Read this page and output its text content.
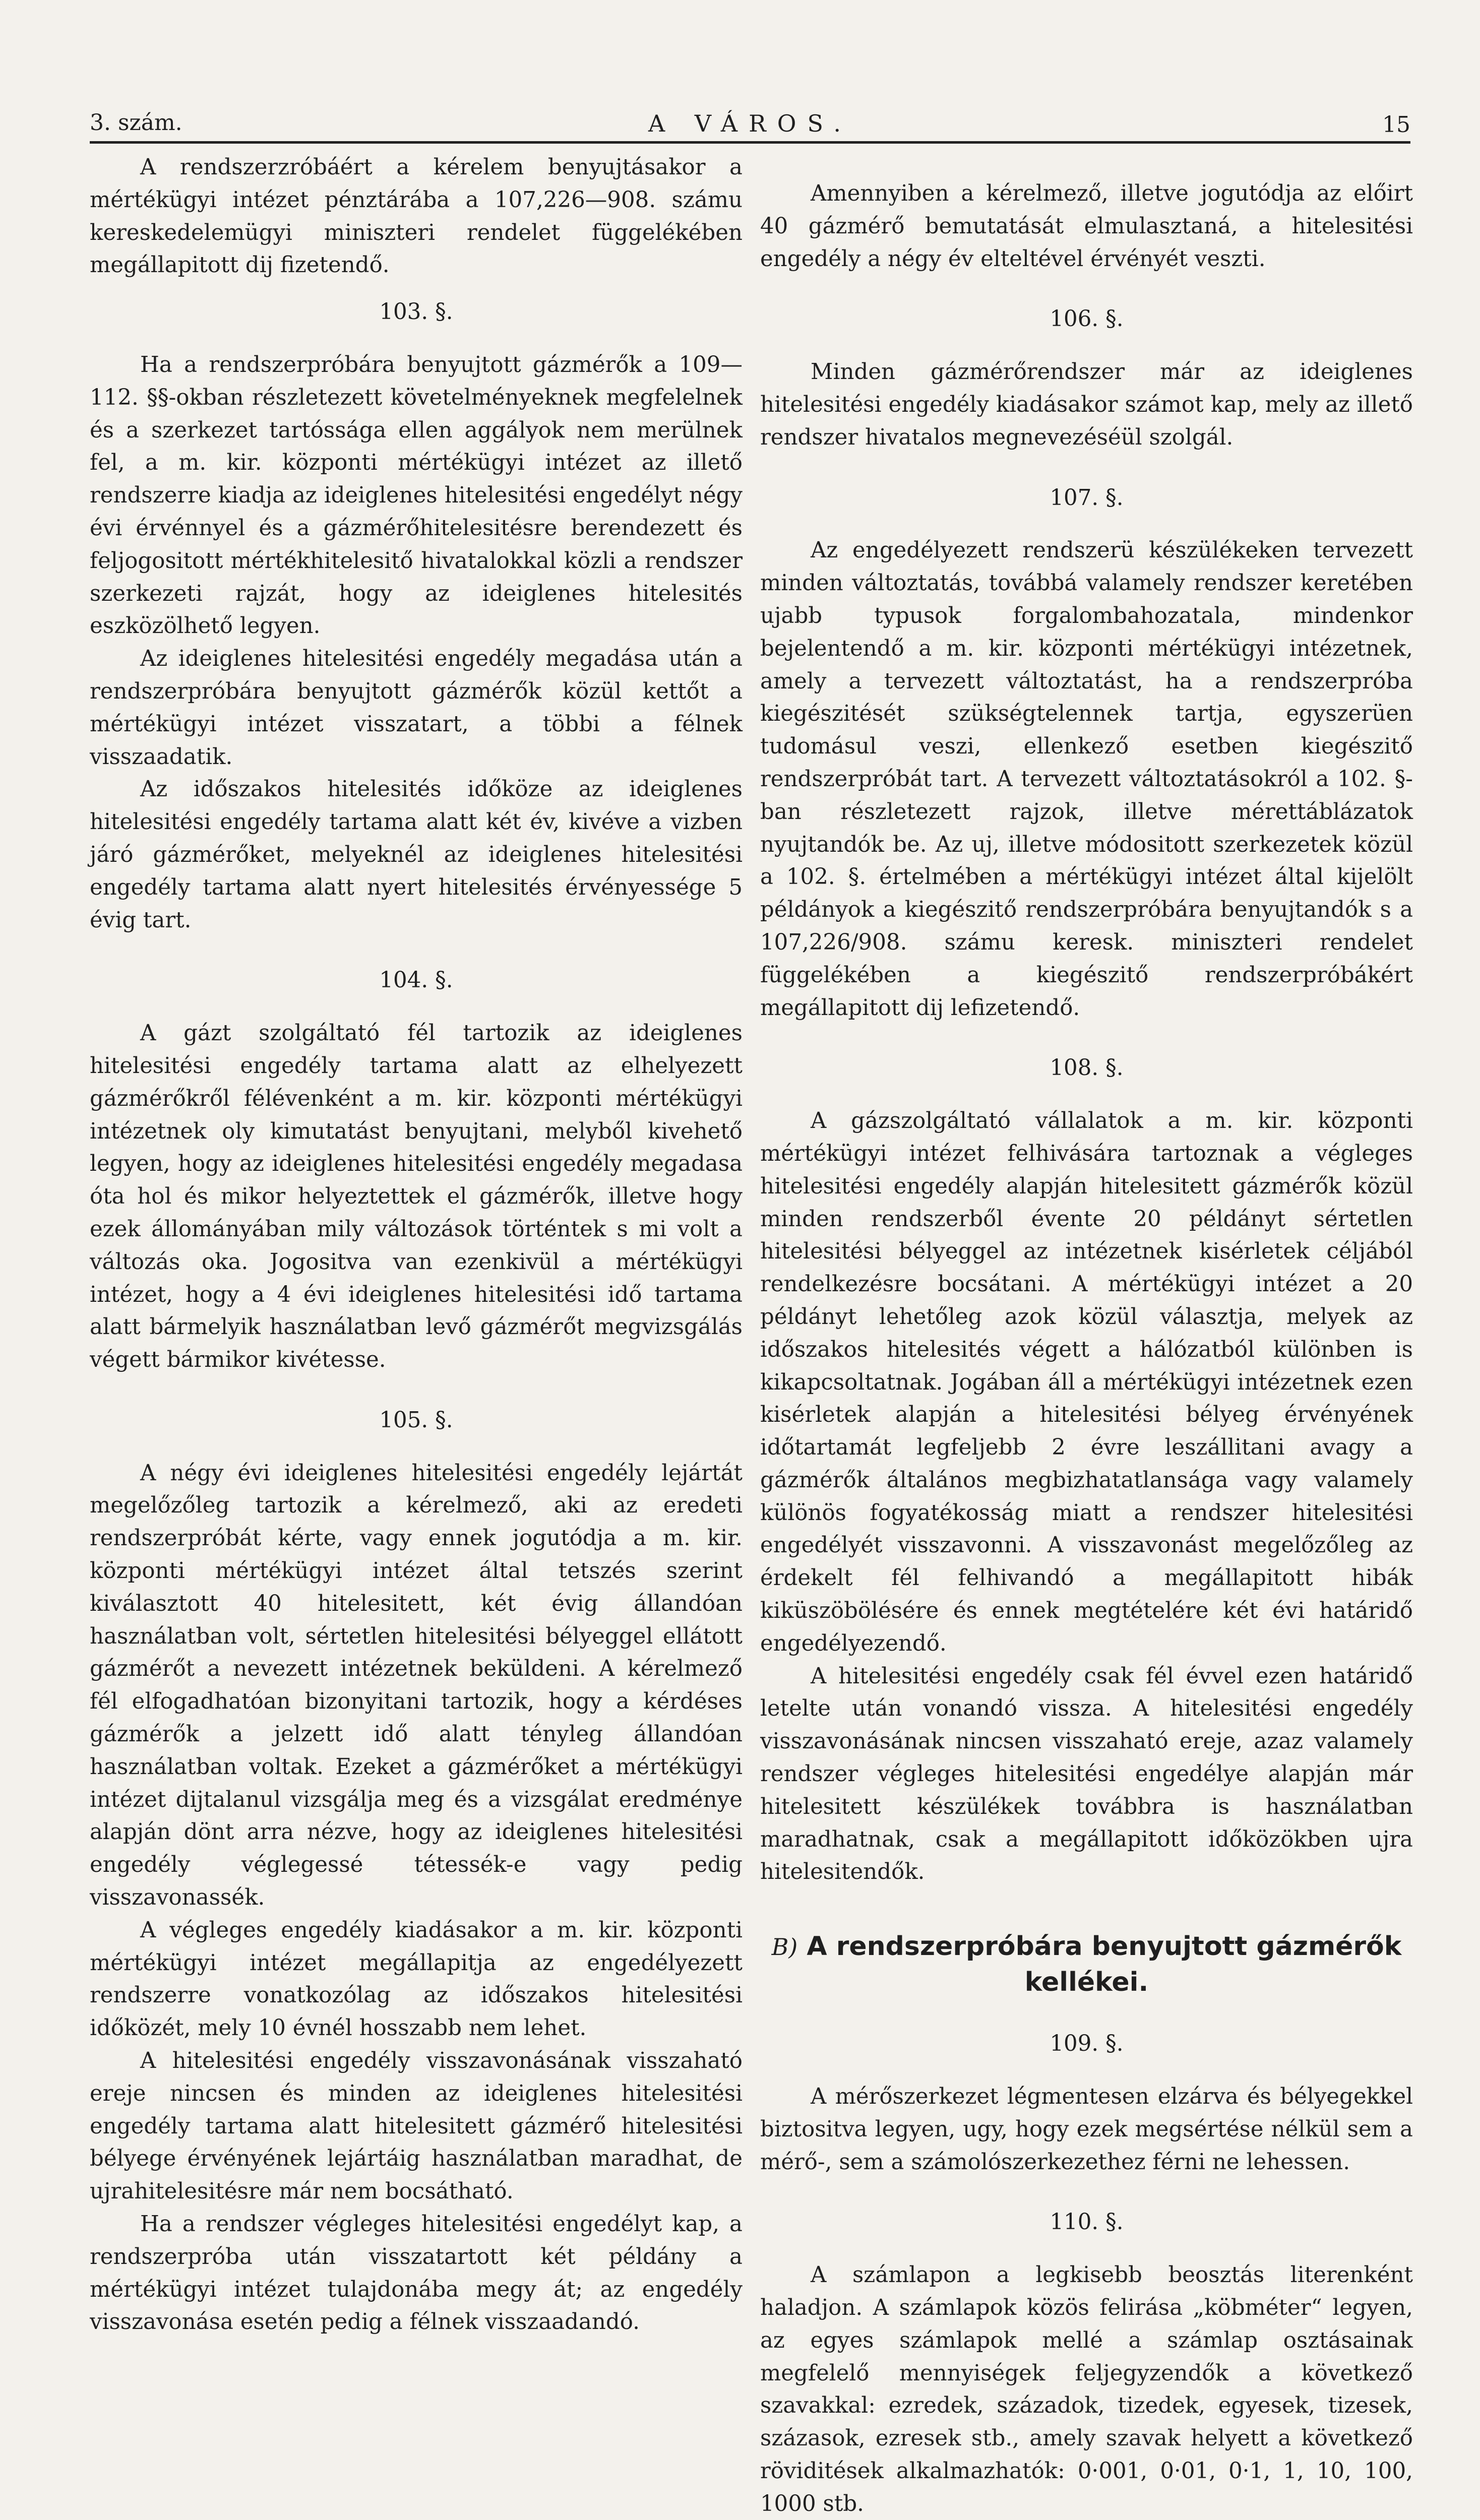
3. szám.	A VÁROS.	15

A rendszerzróbáért a kérelem benyujtásakor a mértékügyi intézet pénztárába a 107,226—908. számu kereskedelemügyi miniszteri rendelet függelékében megállapitott dij fizetendő.

103. §.

Ha a rendszerpróbára benyujtott gázmérők a 109—112. §§-okban részletezett követelményeknek megfelelnek és a szerkezet tartóssága ellen aggályok nem merülnek fel, a m. kir. központi mértékügyi intézet az illető rendszerre kiadja az ideiglenes hitelesitési engedélyt négy évi érvénnyel és a gázmérőhitelesitésre berendezett és feljogositott mértékhitelesitő hivatalokkal közli a rendszer szerkezeti rajzát, hogy az ideiglenes hitelesités eszközölhető legyen.

Az ideiglenes hitelesitési engedély megadása után a rendszerpróbára benyujtott gázmérők közül kettőt a mértékügyi intézet visszatart, a többi a félnek visszaadatik.

Az időszakos hitelesités időköze az ideiglenes hitelesitési engedély tartama alatt két év, kivéve a vizben járó gázmérőket, melyeknél az ideiglenes hitelesitési engedély tartama alatt nyert hitelesités érvényessége 5 évig tart.

104. §.

A gázt szolgáltató fél tartozik az ideiglenes hitelesitési engedély tartama alatt az elhelyezett gázmérőkről félévenként a m. kir. központi mértékügyi intézetnek oly kimutatást benyujtani, melyből kivehető legyen, hogy az ideiglenes hitelesitési engedély megadasa óta hol és mikor helyeztettek el gázmérők, illetve hogy ezek állományában mily változások történtek s mi volt a változás oka. Jogositva van ezenkivül a mértékügyi intézet, hogy a 4 évi ideiglenes hitelesitési idő tartama alatt bármelyik használatban levő gázmérőt megvizsgálás végett bármikor kivétesse.

105. §.

A négy évi ideiglenes hitelesitési engedély lejártát megelőzőleg tartozik a kérelmező, aki az eredeti rendszerpróbát kérte, vagy ennek jogutódja a m. kir. központi mértékügyi intézet által tetszés szerint kiválasztott 40 hitelesitett, két évig állandóan használatban volt, sértetlen hitelesitési bélyeggel ellátott gázmérőt a nevezett intézetnek beküldeni. A kérelmező fél elfogadhatóan bizonyitani tartozik, hogy a kérdéses gázmérők a jelzett idő alatt tényleg állandóan használatban voltak. Ezeket a gázmérőket a mértékügyi intézet dijtalanul vizsgálja meg és a vizsgálat eredménye alapján dönt arra nézve, hogy az ideiglenes hitelesitési engedély véglegessé tétessék-e vagy pedig visszavonassék.

A végleges engedély kiadásakor a m. kir. központi mértékügyi intézet megállapitja az engedélyezett rendszerre vonatkozólag az időszakos hitelesitési időközét, mely 10 évnél hosszabb nem lehet.

A hitelesitési engedély visszavonásának visszaható ereje nincsen és minden az ideiglenes hitelesitési engedély tartama alatt hitelesitett gázmérő hitelesitési bélyege érvényének lejártáig használatban maradhat, de ujrahitelesitésre már nem bocsátható.

Ha a rendszer végleges hitelesitési engedélyt kap, a rendszerpróba után visszatartott két példány a mértékügyi intézet tulajdonába megy át; az engedély visszavonása esetén pedig a félnek visszaadandó.

Amennyiben a kérelmező, illetve jogutódja az előirt 40 gázmérő bemutatását elmulasztaná, a hitelesitési engedély a négy év elteltével érvényét veszti.

106. §.

Minden gázmérőrendszer már az ideiglenes hitelesitési engedély kiadásakor számot kap, mely az illető rendszer hivatalos megnevezéséül szolgál.

107. §.

Az engedélyezett rendszerü készülékeken tervezett minden változtatás, továbbá valamely rendszer keretében ujabb typusok forgalombahozatala, mindenkor bejelentendő a m. kir. központi mértékügyi intézetnek, amely a tervezett változtatást, ha a rendszerpróba kiegészitését szükségtelennek tartja, egyszerüen tudomásul veszi, ellenkező esetben kiegészitő rendszerpróbát tart. A tervezett változtatásokról a 102. §-ban részletezett rajzok, illetve mérettáblázatok nyujtandók be. Az uj, illetve módositott szerkezetek közül a 102. §. értelmében a mértékügyi intézet által kijelölt példányok a kiegészitő rendszerpróbára benyujtandók s a 107,226/908. számu keresk. miniszteri rendelet függelékében a kiegészitő rendszerpróbákért megállapitott dij lefizetendő.

108. §.

A gázszolgáltató vállalatok a m. kir. központi mértékügyi intézet felhivására tartoznak a végleges hitelesitési engedély alapján hitelesitett gázmérők közül minden rendszerből évente 20 példányt sértetlen hitelesitési bélyeggel az intézetnek kisérletek céljából rendelkezésre bocsátani. A mértékügyi intézet a 20 példányt lehetőleg azok közül választja, melyek az időszakos hitelesités végett a hálózatból különben is kikapcsoltatnak. Jogában áll a mértékügyi intézetnek ezen kisérletek alapján a hitelesitési bélyeg érvényének időtartamát legfeljebb 2 évre leszállitani avagy a gázmérők általános megbizhatatlansága vagy valamely különös fogyatékosság miatt a rendszer hitelesitési engedélyét visszavonni. A visszavonást megelőzőleg az érdekelt fél felhivandó a megállapitott hibák kiküszöbölésére és ennek megtételére két évi határidő engedélyezendő.

A hitelesitési engedély csak fél évvel ezen határidő letelte után vonandó vissza. A hitelesitési engedély visszavonásának nincsen visszaható ereje, azaz valamely rendszer végleges hitelesitési engedélye alapján már hitelesitett készülékek továbbra is használatban maradhatnak, csak a megállapitott időközökben ujra hitelesitendők.

B) A rendszerpróbára benyujtott gázmérők kellékei.

109. §.

A mérőszerkezet légmentesen elzárva és bélyegekkel biztositva legyen, ugy, hogy ezek megsértése nélkül sem a mérő-, sem a számolószerkezethez férni ne lehessen.

110. §.

A számlapon a legkisebb beosztás literenként haladjon. A számlapok közös felirása „köbméter“ legyen, az egyes számlapok mellé a számlap osztásainak megfelelő mennyiségek feljegyzendők a következő szavakkal: ezredek, századok, tizedek, egyesek, tizesek, százasok, ezresek stb., amely szavak helyett a következő röviditések alkalmazhatók: 0·001, 0·01, 0·1, 1, 10, 100, 1000 stb.
